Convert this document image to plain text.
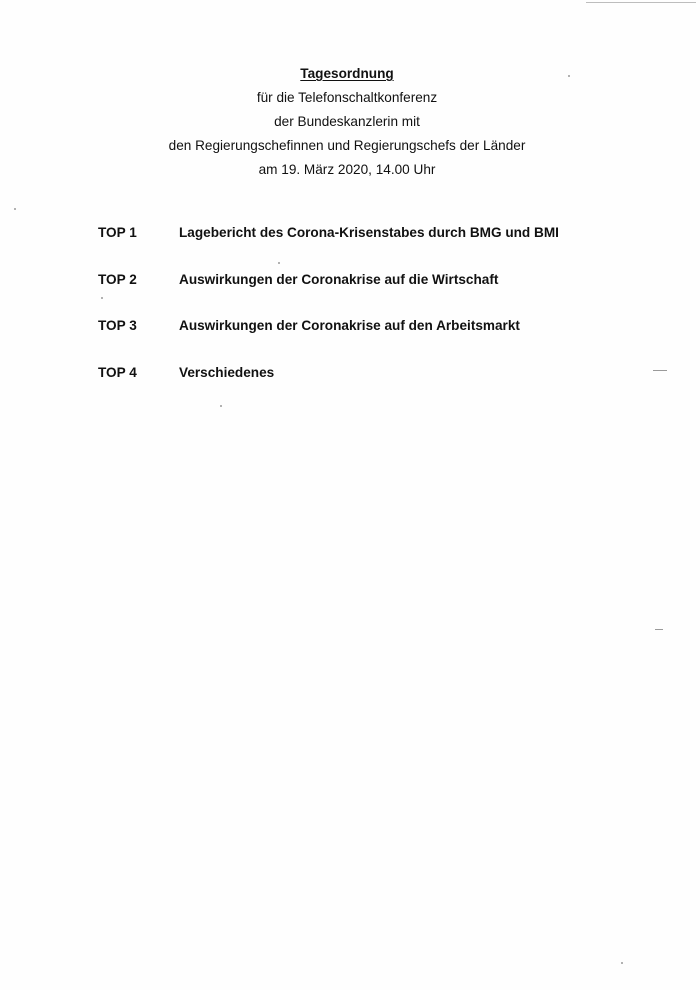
Tagesordnung
für die Telefonschaltkonferenz
der Bundeskanzlerin mit
den Regierungschefinnen und Regierungschefs der Länder
am 19. März 2020, 14.00 Uhr
TOP 1	Lagebericht des Corona-Krisenstabes durch BMG und BMI
TOP 2	Auswirkungen der Coronakrise auf die Wirtschaft
TOP 3	Auswirkungen der Coronakrise auf den Arbeitsmarkt
TOP 4	Verschiedenes
